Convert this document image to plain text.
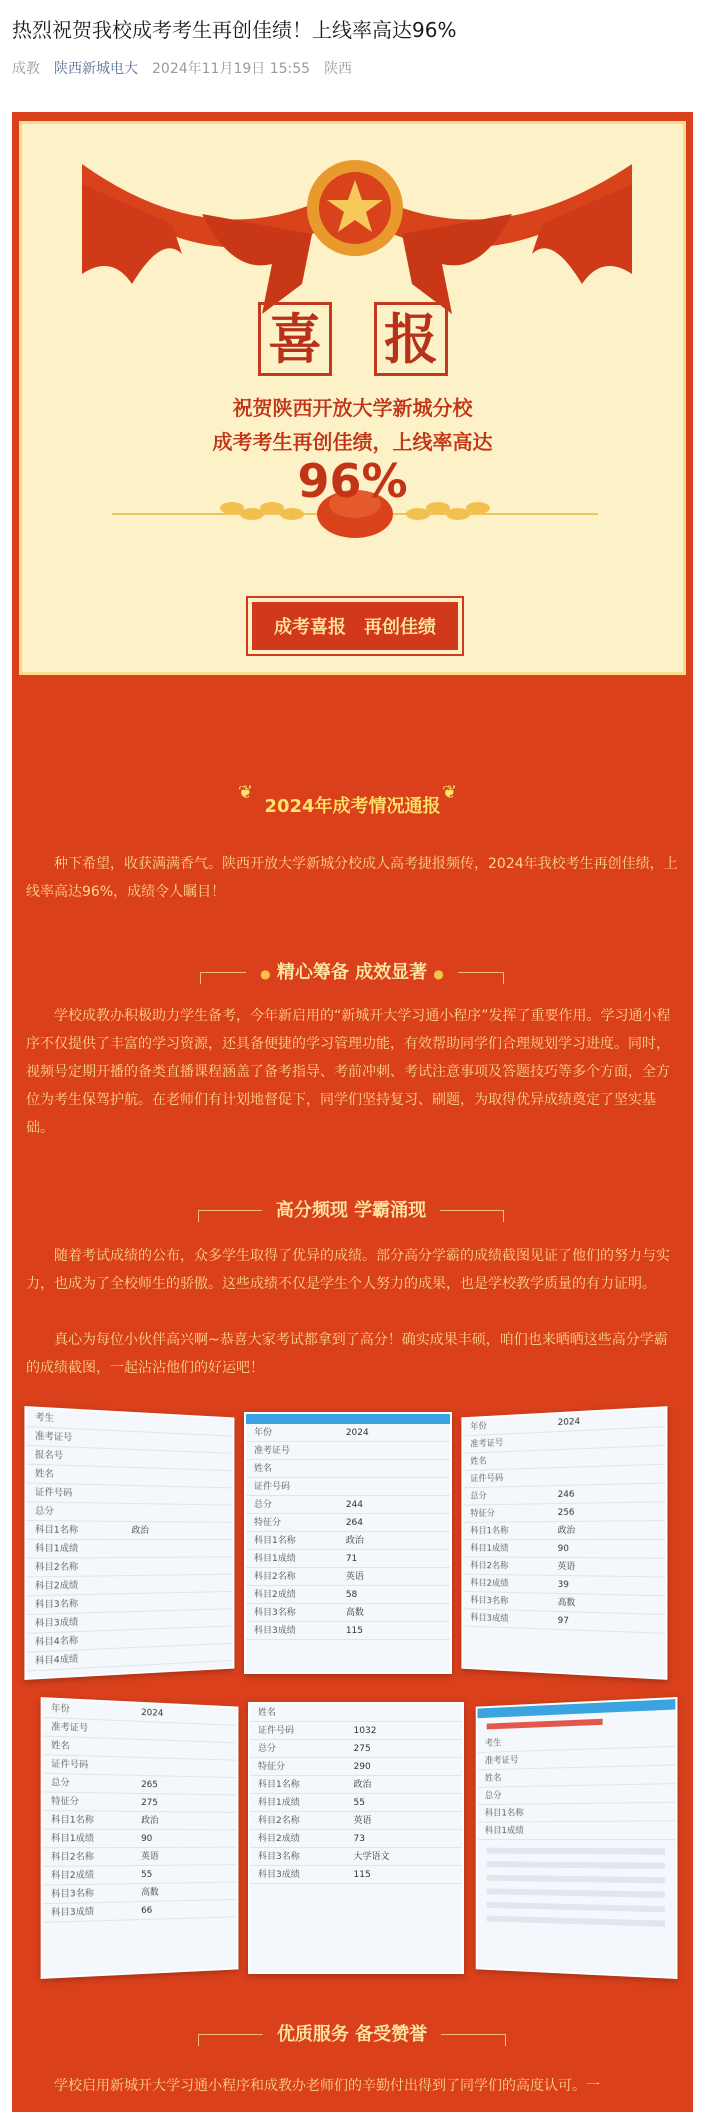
热烈祝贺我校成考考生再创佳绩！上线率高达96%
成教 陕西新城电大 2024年11月19日 15:55 陕西
喜 报
祝贺陕西开放大学新城分校
成考考生再创佳绩，上线率高达
96%
成考喜报 再创佳绩
❦
2024年成考情况通报
❦
种下希望，收获满满香气。陕西开放大学新城分校成人高考捷报频传，2024年我校考生再创佳绩，上线率高达96%，成绩令人瞩目！
● 精心筹备 成效显著 ●
学校成教办积极助力学生备考，今年新启用的“新城开大学习通小程序”发挥了重要作用。学习通小程序不仅提供了丰富的学习资源，还具备便捷的学习管理功能，有效帮助同学们合理规划学习进度。同时，视频号定期开播的备类直播课程涵盖了备考指导、考前冲刺、考试注意事项及答题技巧等多个方面，全方位为考生保驾护航。在老师们有计划地督促下，同学们坚持复习、刷题，为取得优异成绩奠定了坚实基础。
高分频现 学霸涌现
随着考试成绩的公布，众多学生取得了优异的成绩。部分高分学霸的成绩截图见证了他们的努力与实力，也成为了全校师生的骄傲。这些成绩不仅是学生个人努力的成果，也是学校教学质量的有力证明。
真心为每位小伙伴高兴啊~恭喜大家考试都拿到了高分！确实成果丰硕，咱们也来晒晒这些高分学霸的成绩截图，一起沾沾他们的好运吧！
考生
准考证号
报名号
姓名
证件号码
总分
科目1名称	政治
科目1成绩
科目2名称
科目2成绩
科目3名称
科目3成绩
科目4名称
科目4成绩
年份	2024
准考证号
姓名
证件号码
总分	244
特征分	264
科目1名称	政治
科目1成绩	71
科目2名称	英语
科目2成绩	58
科目3名称	高数
科目3成绩	115
年份	2024
准考证号
姓名
证件号码
总分	246
特征分	256
科目1名称	政治
科目1成绩	90
科目2名称	英语
科目2成绩	39
科目3名称	高数
科目3成绩	97
年份	2024
准考证号
姓名
证件号码
总分	265
特征分	275
科目1名称	政治
科目1成绩	90
科目2名称	英语
科目2成绩	55
科目3名称	高数
科目3成绩	66
姓名
证件号码	1032
总分	275
特征分	290
科目1名称	政治
科目1成绩	55
科目2名称	英语
科目2成绩	73
科目3名称	大学语文
科目3成绩	115
考生
准考证号
姓名
总分
科目1名称
科目1成绩
优质服务 备受赞誉
学校启用新城开大学习通小程序和成教办老师们的辛勤付出得到了同学们的高度认可。一
